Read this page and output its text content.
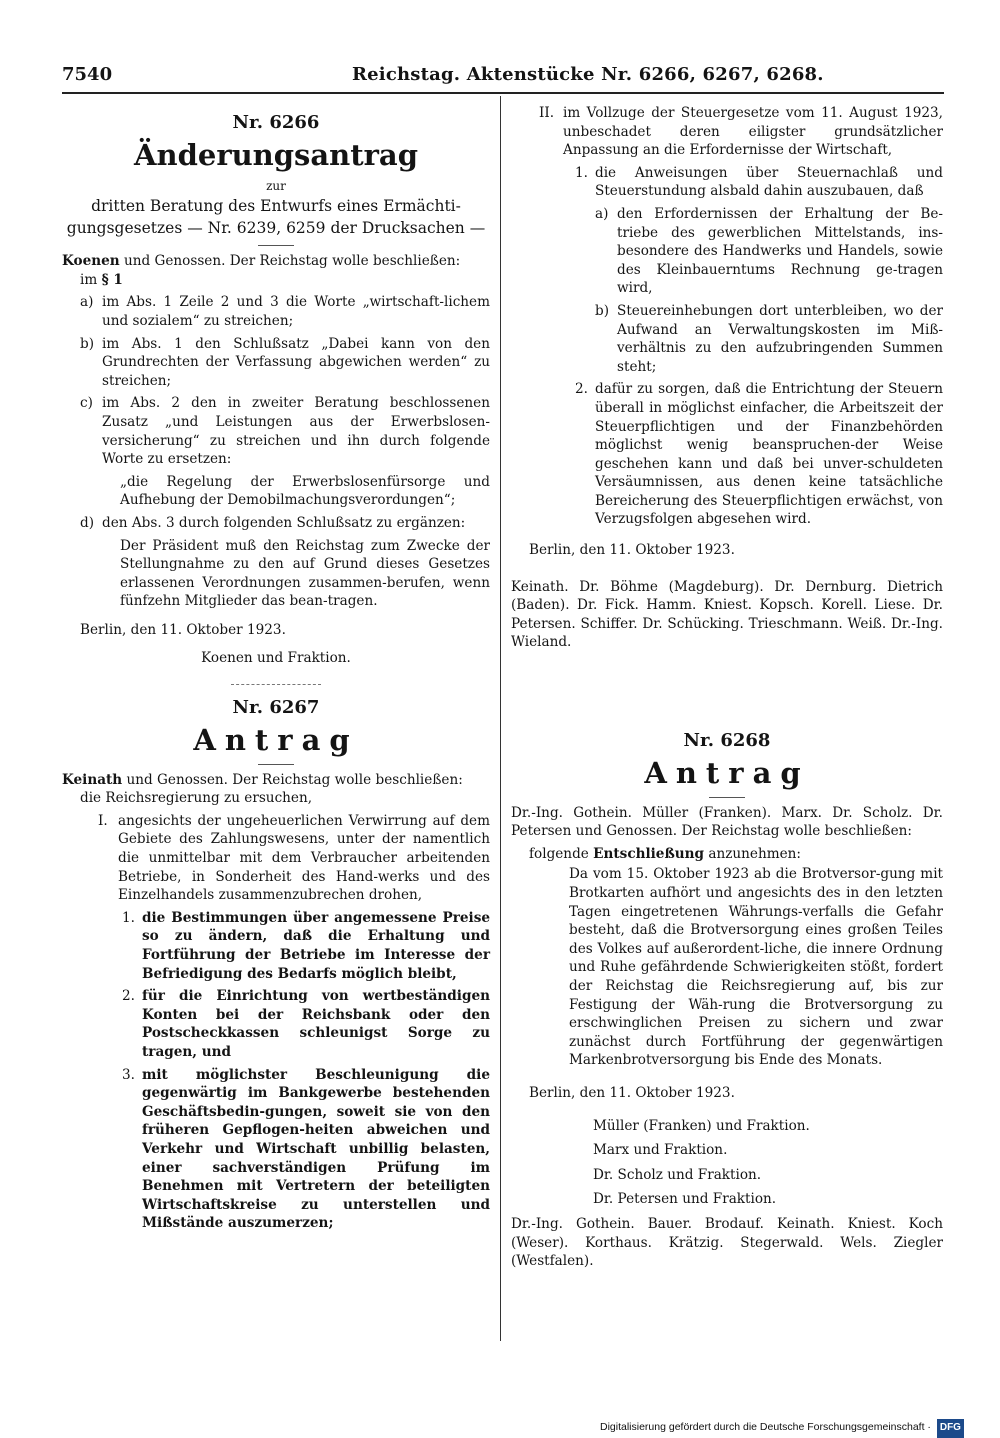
7540	Reichstag. Aktenstücke Nr. 6266, 6267, 6268.
Nr. 6266
Änderungsantrag
zur
dritten Beratung des Entwurfs eines Ermächti-gungsgesetzes — Nr. 6239, 6259 der Drucksachen —

Koenen und Genossen. Der Reichstag wolle beschließen:

im § 1

a) im Abs. 1 Zeile 2 und 3 die Worte „wirtschaft-lichem und sozialem“ zu streichen;
b) im Abs. 1 den Schlußsatz „Dabei kann von den Grundrechten der Verfassung abgewichen werden“ zu streichen;
c) im Abs. 2 den in zweiter Beratung beschlossenen Zusatz „und Leistungen aus der Erwerbslosen-versicherung“ zu streichen und ihn durch folgende Worte zu ersetzen:

„die Regelung der Erwerbslosenfürsorge und Aufhebung der Demobilmachungsverordungen“;

d) den Abs. 3 durch folgenden Schlußsatz zu ergänzen:

Der Präsident muß den Reichstag zum Zwecke der Stellungnahme zu den auf Grund dieses Gesetzes erlassenen Verordnungen zusammen-berufen, wenn fünfzehn Mitglieder das bean-tragen.

Berlin, den 11. Oktober 1923.

Koenen und Fraktion.

Nr. 6267
Antrag

Keinath und Genossen. Der Reichstag wolle beschließen:

die Reichsregierung zu ersuchen,

I. angesichts der ungeheuerlichen Verwirrung auf dem Gebiete des Zahlungswesens, unter der namentlich die unmittelbar mit dem Verbraucher arbeitenden Betriebe, in Sonderheit des Hand-werks und des Einzelhandels zusammenzubrechen drohen,
1. die Bestimmungen über angemessene Preise so zu ändern, daß die Erhaltung und Fortführung der Betriebe im Interesse der Befriedigung des Bedarfs möglich bleibt,
2. für die Einrichtung von wertbeständigen Konten bei der Reichsbank oder den Postscheckkassen schleunigst Sorge zu tragen, und
3. mit möglichster Beschleunigung die gegenwärtig im Bankgewerbe bestehenden Geschäftsbedin-gungen, soweit sie von den früheren Gepflogen-heiten abweichen und Verkehr und Wirtschaft unbillig belasten, einer sachverständigen Prüfung im Benehmen mit Vertretern der beteiligten Wirtschaftskreise zu unterstellen und Mißstände auszumerzen;
II. im Vollzuge der Steuergesetze vom 11. August 1923, unbeschadet deren eiligster grundsätzlicher Anpassung an die Erfordernisse der Wirtschaft,
1. die Anweisungen über Steuernachlaß und Steuerstundung alsbald dahin auszubauen, daß
a) den Erfordernissen der Erhaltung der Be-triebe des gewerblichen Mittelstands, ins-besondere des Handwerks und Handels, sowie des Kleinbauerntums Rechnung ge-tragen wird,
b) Steuereinhebungen dort unterbleiben, wo der Aufwand an Verwaltungskosten im Miß-verhältnis zu den aufzubringenden Summen steht;
2. dafür zu sorgen, daß die Entrichtung der Steuern überall in möglichst einfacher, die Arbeitszeit der Steuerpflichtigen und der Finanzbehörden möglichst wenig beanspruchen-der Weise geschehen kann und daß bei unver-schuldeten Versäumnissen, aus denen keine tatsächliche Bereicherung des Steuerpflichtigen erwächst, von Verzugsfolgen abgesehen wird.

Berlin, den 11. Oktober 1923.

Keinath. Dr. Böhme (Magdeburg). Dr. Dernburg. Dietrich (Baden). Dr. Fick. Hamm. Kniest. Kopsch. Korell. Liese. Dr. Petersen. Schiffer. Dr. Schücking. Trieschmann. Weiß. Dr.-Ing. Wieland.

Nr. 6268
Antrag

Dr.-Ing. Gothein. Müller (Franken). Marx. Dr. Scholz. Dr. Petersen und Genossen. Der Reichstag wolle beschließen:

folgende Entschließung anzunehmen:

Da vom 15. Oktober 1923 ab die Brotversor-gung mit Brotkarten aufhört und angesichts des in den letzten Tagen eingetretenen Währungs-verfalls die Gefahr besteht, daß die Brotversorgung eines großen Teiles des Volkes auf außerordent-liche, die innere Ordnung und Ruhe gefährdende Schwierigkeiten stößt, fordert der Reichstag die Reichsregierung auf, bis zur Festigung der Wäh-rung die Brotversorgung zu erschwinglichen Preisen zu sichern und zwar zunächst durch Fortführung der gegenwärtigen Markenbrotversorgung bis Ende des Monats.

Berlin, den 11. Oktober 1923.

Müller (Franken) und Fraktion.

Marx und Fraktion.

Dr. Scholz und Fraktion.

Dr. Petersen und Fraktion.

Dr.-Ing. Gothein. Bauer. Brodauf. Keinath. Kniest. Koch (Weser). Korthaus. Krätzig. Stegerwald. Wels. Ziegler (Westfalen).

Digitalisierung gefördert durch die Deutsche Forschungsgemeinschaft · DFG
